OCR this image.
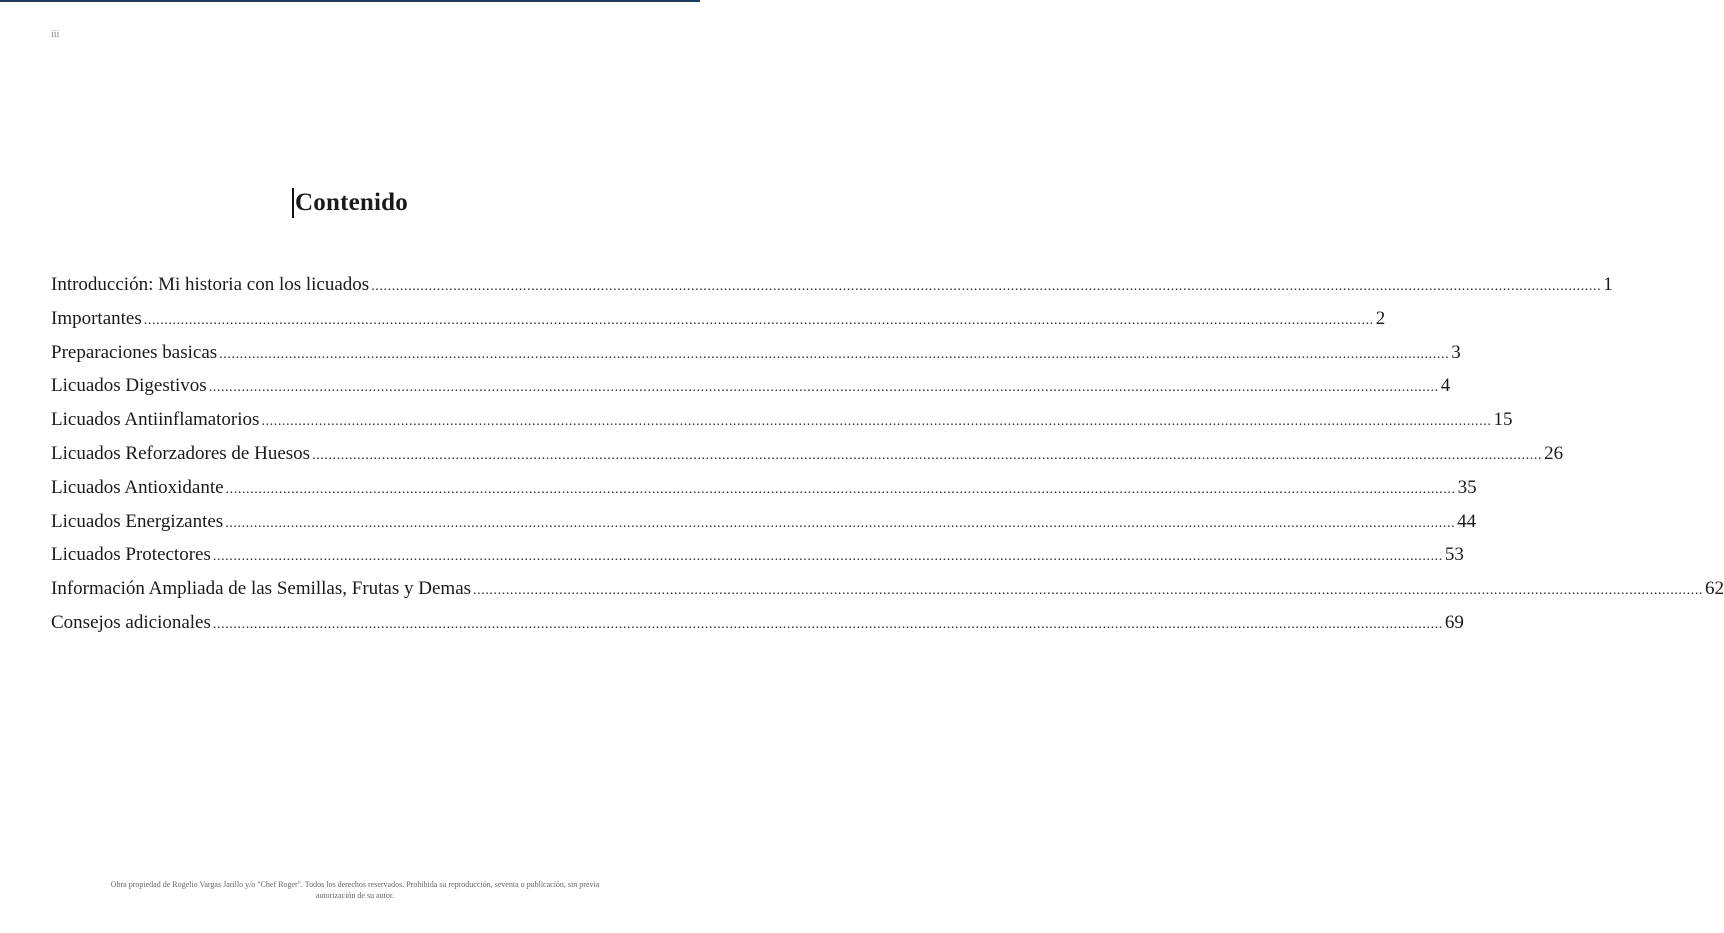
iii
Contenido
Introducción: Mi historia con los licuados ............................................................................................................................................................................................................................................................................................................ 1
Importantes ............................................................................................................................................................................................................................................................................................................ 2
Preparaciones basicas ............................................................................................................................................................................................................................................................................................................ 3
Licuados Digestivos ............................................................................................................................................................................................................................................................................................................ 4
Licuados Antiinflamatorios ............................................................................................................................................................................................................................................................................................................ 15
Licuados Reforzadores de Huesos ............................................................................................................................................................................................................................................................................................................ 26
Licuados Antioxidante ............................................................................................................................................................................................................................................................................................................ 35
Licuados Energizantes ............................................................................................................................................................................................................................................................................................................ 44
Licuados Protectores ............................................................................................................................................................................................................................................................................................................ 53
Información Ampliada de las Semillas, Frutas y Demas ............................................................................................................................................................................................................................................................................................................ 62
Consejos adicionales ............................................................................................................................................................................................................................................................................................................ 69
Obra propiedad de Rogelio Vargas Jarillo y/o "Chef Roger". Todos los derechos reservados. Prohibida su reproducción, seventa o publicación, sin previa
autorización de su autor.
